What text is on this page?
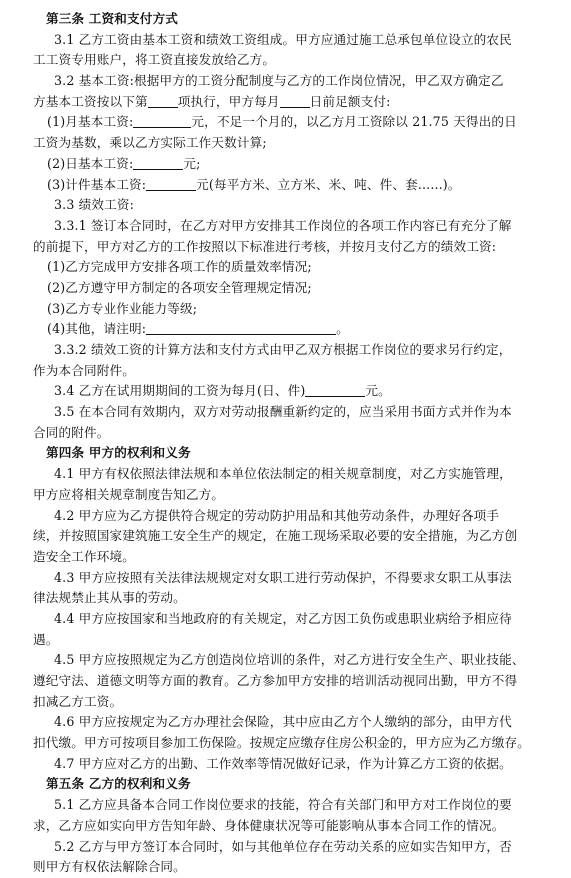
第三条 工资和支付方式
3.1 乙方工资由基本工资和绩效工资组成。甲方应通过施工总承包单位设立的农民
工工资专用账户，将工资直接发放给乙方。
3.2 基本工资:根据甲方的工资分配制度与乙方的工作岗位情况，甲乙双方确定乙
方基本工资按以下第 项执行，甲方每月 日前足额支付:
(1)月基本工资:	元，不足一个月的，以乙方月工资除以 21.75 天得出的日
工资为基数，乘以乙方实际工作天数计算;
(2)日基本工资:	元;
(3)计件基本工资:	元(每平方米、立方米、米、吨、件、套......)。
3.3 绩效工资:
3.3.1 签订本合同时，在乙方对甲方安排其工作岗位的各项工作内容已有充分了解
的前提下，甲方对乙方的工作按照以下标准进行考核，并按月支付乙方的绩效工资:
(1)乙方完成甲方安排各项工作的质量效率情况;
(2)乙方遵守甲方制定的各项安全管理规定情况;
(3)乙方专业作业能力等级;
(4)其他，请注明:	。
3.3.2 绩效工资的计算方法和支付方式由甲乙双方根据工作岗位的要求另行约定，
作为本合同附件。
3.4 乙方在试用期期间的工资为每月(日、件)	元。
3.5 在本合同有效期内，双方对劳动报酬重新约定的，应当采用书面方式并作为本
合同的附件。
第四条 甲方的权利和义务
4.1 甲方有权依照法律法规和本单位依法制定的相关规章制度，对乙方实施管理，
甲方应将相关规章制度告知乙方。
4.2 甲方应为乙方提供符合规定的劳动防护用品和其他劳动条件，办理好各项手
续，并按照国家建筑施工安全生产的规定，在施工现场采取必要的安全措施，为乙方创
造安全工作环境。
4.3 甲方应按照有关法律法规规定对女职工进行劳动保护，不得要求女职工从事法
律法规禁止其从事的劳动。
4.4 甲方应按国家和当地政府的有关规定，对乙方因工负伤或患职业病给予相应待
遇。
4.5 甲方应按照规定为乙方创造岗位培训的条件，对乙方进行安全生产、职业技能、
遵纪守法、道德文明等方面的教育。乙方参加甲方安排的培训活动视同出勤，甲方不得
扣减乙方工资。
4.6 甲方应按规定为乙方办理社会保险，其中应由乙方个人缴纳的部分，由甲方代
扣代缴。甲方可按项目参加工伤保险。按规定应缴存住房公积金的，甲方应为乙方缴存。
4.7 甲方应对乙方的出勤、工作效率等情况做好记录，作为计算乙方工资的依据。
第五条 乙方的权利和义务
5.1 乙方应具备本合同工作岗位要求的技能，符合有关部门和甲方对工作岗位的要
求，乙方应如实向甲方告知年龄、身体健康状况等可能影响从事本合同工作的情况。
5.2 乙方与甲方签订本合同时，如与其他单位存在劳动关系的应如实告知甲方，否
则甲方有权依法解除合同。
